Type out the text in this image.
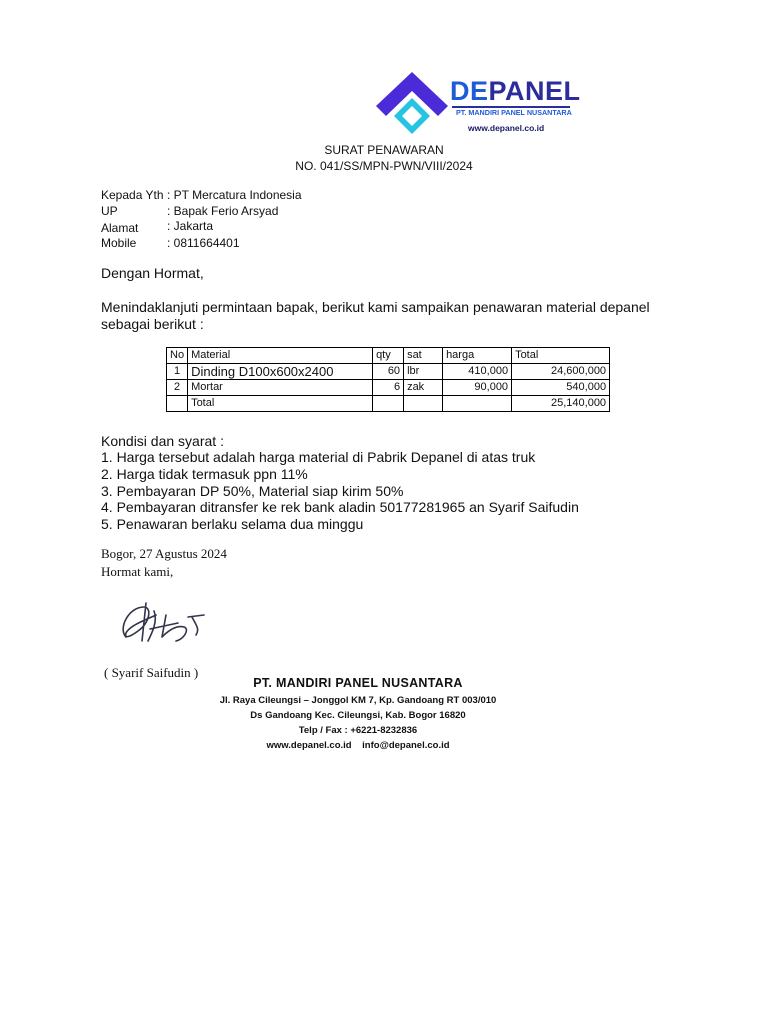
DEPANEL
PT. MANDIRI PANEL NUSANTARA
www.depanel.co.id
SURAT PENAWARAN
NO. 041/SS/MPN-PWN/VIII/2024
Kepada Yth : PT Mercatura Indonesia
UP	: Bapak Ferio Arsyad
Alamat : Jakarta
Mobile	: 0811664401
Dengan Hormat,
Menindaklanjuti permintaan bapak, berikut kami sampaikan penawaran material depanel
sebagai berikut :
No	Material	qty	sat	harga	Total
1	Dinding D100x600x2400	60	lbr	410,000	24,600,000
2	Mortar	6	zak	90,000	540,000
	Total				25,140,000
Kondisi dan syarat :
1. Harga tersebut adalah harga material di Pabrik Depanel di atas truk
2. Harga tidak termasuk ppn 11%
3. Pembayaran DP 50%, Material siap kirim 50%
4. Pembayaran ditransfer ke rek bank aladin 50177281965 an Syarif Saifudin
5. Penawaran berlaku selama dua minggu
Bogor, 27 Agustus 2024
Hormat kami,
( Syarif Saifudin )
PT. MANDIRI PANEL NUSANTARA
Jl. Raya Cileungsi – Jonggol KM 7, Kp. Gandoang RT 003/010
Ds Gandoang Kec. Cileungsi, Kab. Bogor 16820
Telp / Fax : +6221-8232836
www.depanel.co.id    info@depanel.co.id
